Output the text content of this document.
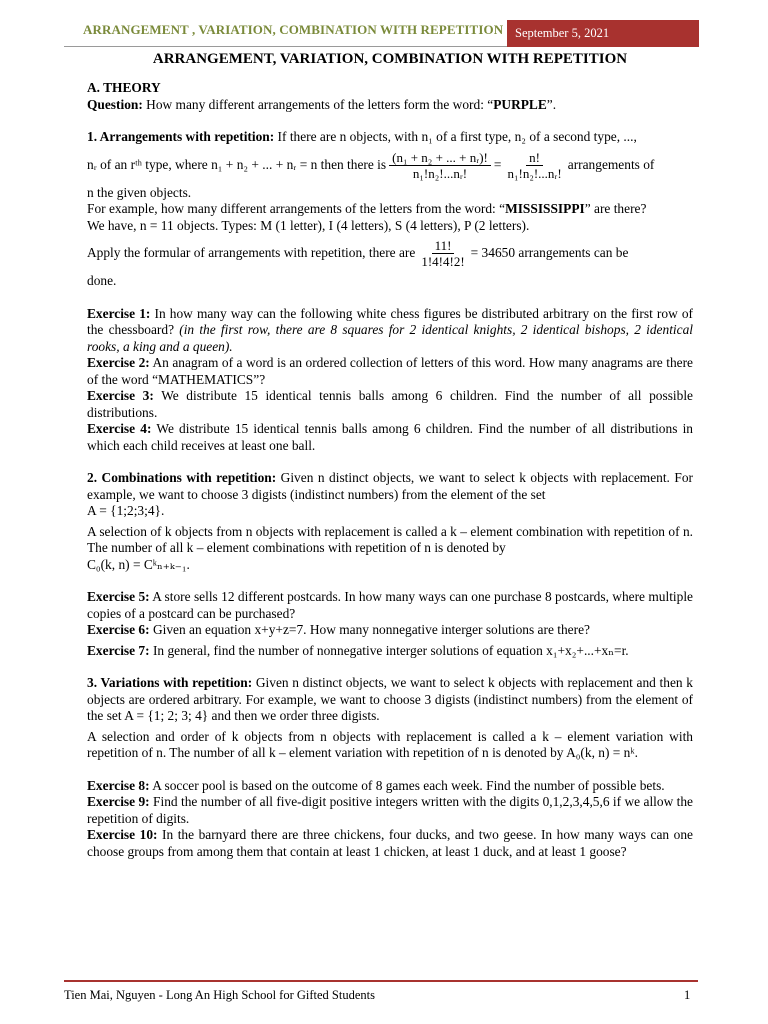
ARRANGEMENT , VARIATION, COMBINATION WITH REPETITION September 5, 2021
ARRANGEMENT, VARIATION, COMBINATION WITH REPETITION

A. THEORY

Question: How many different arrangements of the letters form the word: “PURPLE”.

1. Arrangements with repetition: If there are n objects, with n₁ of a first type, n₂ of a second type, ...,

nᵣ of an rᵗʰ type, where n₁ + n₂ + ... + nᵣ = n then there is $\frac{\text{(n₁ + n₂ + ... + nᵣ)!}}{\text{n₁!n₂!...nᵣ!}} = \frac{n!}{\text{n₁!n₂!...nᵣ!}}$ arrangements of

n the given objects.

For example, how many different arrangements of the letters from the word: “MISSISSIPPI” are there?

We have, n = 11 objects. Types: M (1 letter), I (4 letters), S (4 letters), P (2 letters).

Apply the formular of arrangements with repetition, there are $\frac{11!}{1!4!4!2!} = 34650$ arrangements can be

done.

Exercise 1: In how many way can the following white chess figures be distributed arbitrary on the first row of the chessboard? (in the first row, there are 8 squares for 2 identical knights, 2 identical bishops, 2 identical rooks, a king and a queen).

Exercise 2: An anagram of a word is an ordered collection of letters of this word. How many anagrams are there of the word “MATHEMATICS”?

Exercise 3: We distribute 15 identical tennis balls among 6 children. Find the number of all possible distributions.

Exercise 4: We distribute 15 identical tennis balls among 6 children. Find the number of all distributions in which each child receives at least one ball.

2. Combinations with repetition: Given n distinct objects, we want to select k objects with replacement. For example, we want to choose 3 digists (indistinct numbers) from the element of the set

A = {1;2;3;4}.

A selection of k objects from n objects with replacement is called a k – element combination with repetition of n. The number of all k – element combinations with repetition of n is denoted by

C₀(k, n) = Cᵏₙ₊ₖ₋₁.

Exercise 5: A store sells 12 different postcards. In how many ways can one purchase 8 postcards, where multiple copies of a postcard can be purchased?

Exercise 6: Given an equation x+y+z=7. How many nonnegative interger solutions are there?

Exercise 7: In general, find the number of nonnegative interger solutions of equation x₁+x₂+...+xₙ=r.

3. Variations with repetition: Given n distinct objects, we want to select k objects with replacement and then k objects are ordered arbitrary. For example, we want to choose 3 digists (indistinct numbers) from the element of the set A = {1; 2; 3; 4} and then we order three digists.

A selection and order of k objects from n objects with replacement is called a k – element variation with repetition of n. The number of all k – element variation with repetition of n is denoted by A₀(k, n) = nᵏ.

Exercise 8: A soccer pool is based on the outcome of 8 games each week. Find the number of possible bets.

Exercise 9: Find the number of all five-digit positive integers written with the digits 0,1,2,3,4,5,6 if we allow the repetition of digits.

Exercise 10: In the barnyard there are three chickens, four ducks, and two geese. In how many ways can one choose groups from among them that contain at least 1 chicken, at least 1 duck, and at least 1 goose?

Tien Mai, Nguyen - Long An High School for Gifted Students	1
